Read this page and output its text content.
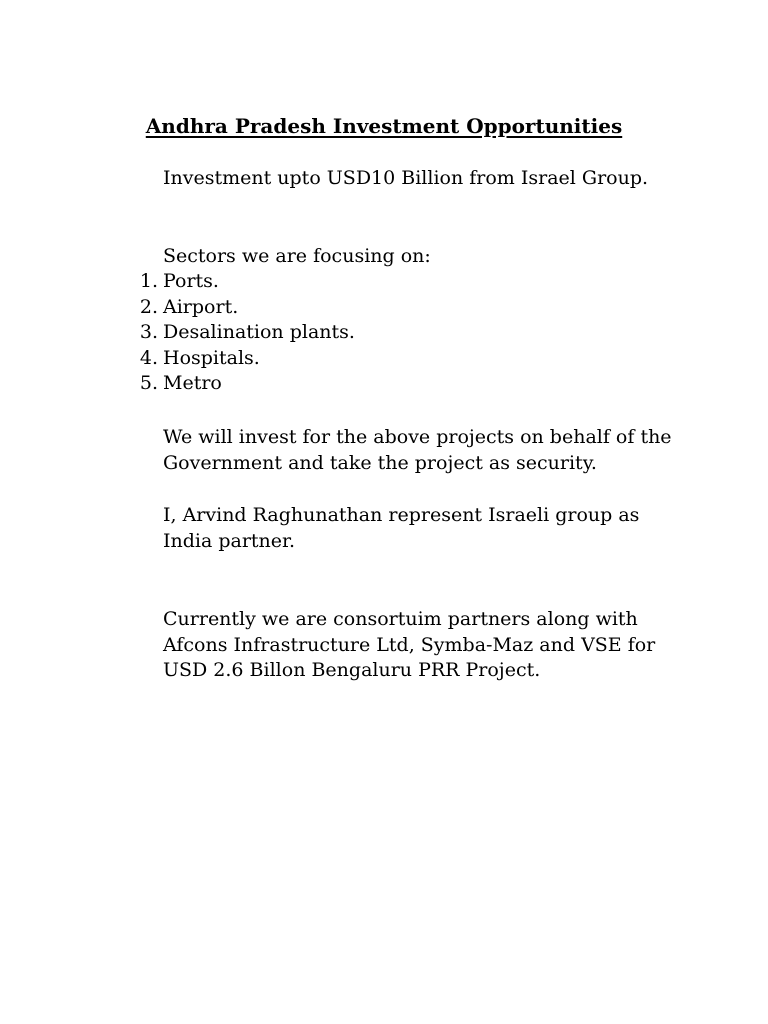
Andhra Pradesh Investment Opportunities

Investment upto USD10 Billion from Israel Group.

Sectors we are focusing on:

1. Ports.
2. Airport.
3. Desalination plants.
4. Hospitals.
5. Metro

We will invest for the above projects on behalf of the Government and take the project as security.

I, Arvind Raghunathan represent Israeli group as India partner.

Currently we are consortuim partners along with Afcons Infrastructure Ltd, Symba-Maz and VSE for USD 2.6 Billon Bengaluru PRR Project.
